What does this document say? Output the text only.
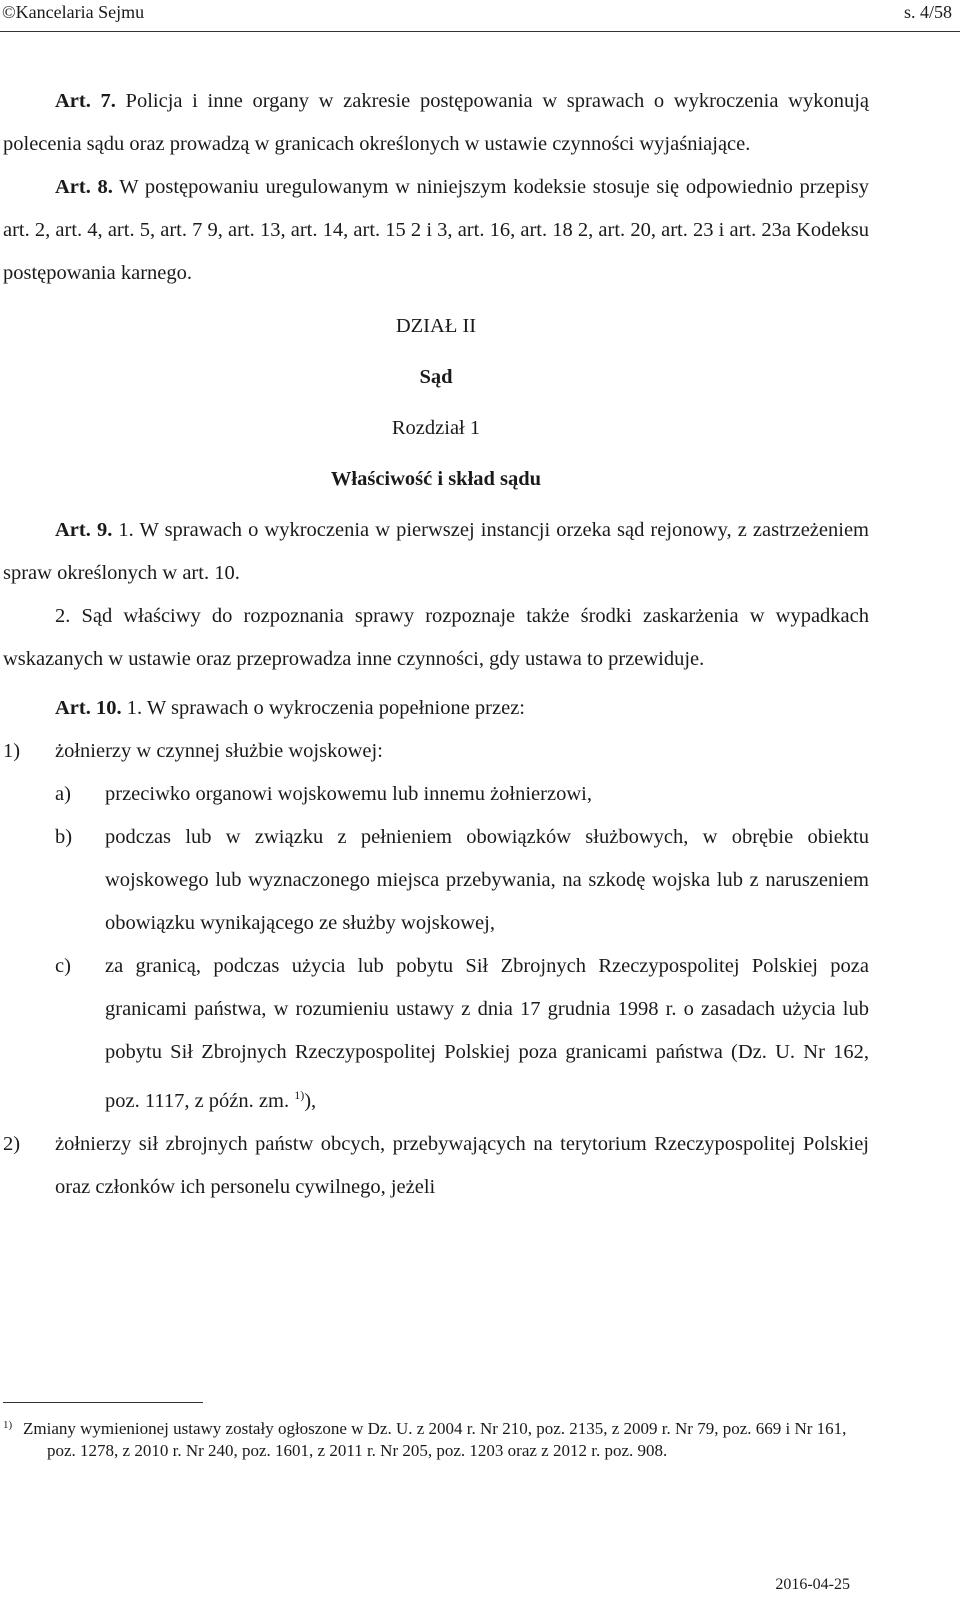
©Kancelaria Sejmu	s. 4/58

Art. 7. Policja i inne organy w zakresie postępowania w sprawach o wykroczenia wykonują polecenia sądu oraz prowadzą w granicach określonych w ustawie czynności wyjaśniające.

Art. 8. W postępowaniu uregulowanym w niniejszym kodeksie stosuje się odpowiednio przepisy art. 2, art. 4, art. 5, art. 7 9, art. 13, art. 14, art. 15 2 i 3, art. 16, art. 18 2, art. 20, art. 23 i art. 23a Kodeksu postępowania karnego.

DZIAŁ II
Sąd
Rozdział 1
Właściwość i skład sądu

Art. 9. 1. W sprawach o wykroczenia w pierwszej instancji orzeka sąd rejonowy, z zastrzeżeniem spraw określonych w art. 10.

2. Sąd właściwy do rozpoznania sprawy rozpoznaje także środki zaskarżenia w wypadkach wskazanych w ustawie oraz przeprowadza inne czynności, gdy ustawa to przewiduje.

Art. 10. 1. W sprawach o wykroczenia popełnione przez:

1)	żołnierzy w czynnej służbie wojskowej:
a)	przeciwko organowi wojskowemu lub innemu żołnierzowi,
b)	podczas lub w związku z pełnieniem obowiązków służbowych, w obrębie obiektu wojskowego lub wyznaczonego miejsca przebywania, na szkodę wojska lub z naruszeniem obowiązku wynikającego ze służby wojskowej,
c)	za granicą, podczas użycia lub pobytu Sił Zbrojnych Rzeczypospolitej Polskiej poza granicami państwa, w rozumieniu ustawy z dnia 17 grudnia 1998 r. o zasadach użycia lub pobytu Sił Zbrojnych Rzeczypospolitej Polskiej poza granicami państwa (Dz. U. Nr 162, poz. 1117, z późn. zm. $^{1)}$),
2)	żołnierzy sił zbrojnych państw obcych, przebywających na terytorium Rzeczypospolitej Polskiej oraz członków ich personelu cywilnego, jeżeli
1) Zmiany wymienionej ustawy zostały ogłoszone w Dz. U. z 2004 r. Nr 210, poz. 2135, z 2009 r. Nr 79, poz. 669 i Nr 161, poz. 1278, z 2010 r. Nr 240, poz. 1601, z 2011 r. Nr 205, poz. 1203 oraz z 2012 r. poz. 908.
2016-04-25
